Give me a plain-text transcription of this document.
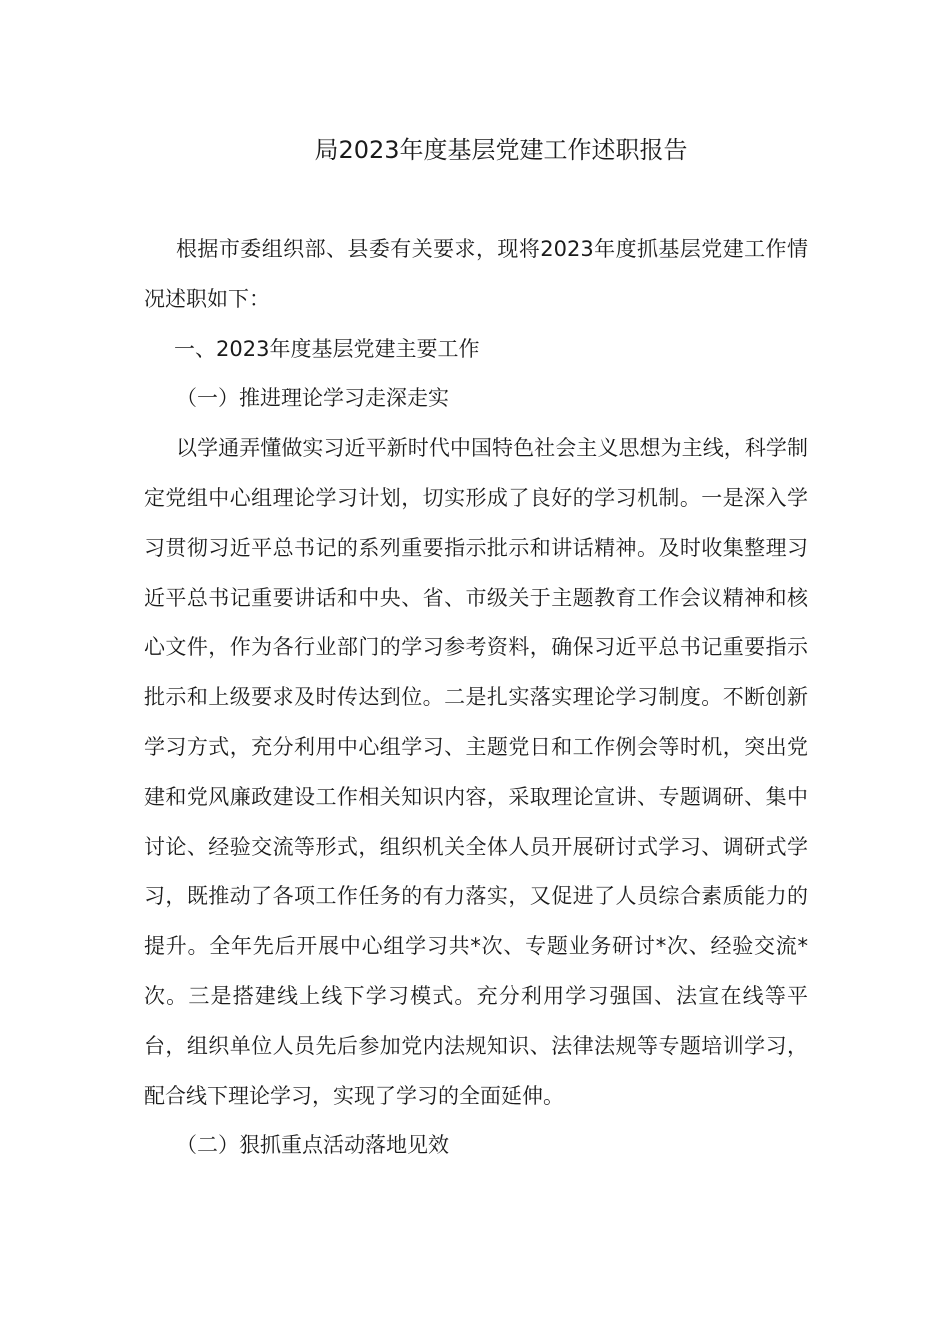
局2023年度基层党建工作述职报告

根据市委组织部、县委有关要求，现将2023年度抓基层党建工作情况述职如下：

一、2023年度基层党建主要工作

（一）推进理论学习走深走实

以学通弄懂做实习近平新时代中国特色社会主义思想为主线，科学制定党组中心组理论学习计划，切实形成了良好的学习机制。一是深入学习贯彻习近平总书记的系列重要指示批示和讲话精神。及时收集整理习近平总书记重要讲话和中央、省、市级关于主题教育工作会议精神和核心文件，作为各行业部门的学习参考资料，确保习近平总书记重要指示批示和上级要求及时传达到位。二是扎实落实理论学习制度。不断创新学习方式，充分利用中心组学习、主题党日和工作例会等时机，突出党建和党风廉政建设工作相关知识内容，采取理论宣讲、专题调研、集中讨论、经验交流等形式，组织机关全体人员开展研讨式学习、调研式学习，既推动了各项工作任务的有力落实，又促进了人员综合素质能力的提升。全年先后开展中心组学习共*次、专题业务研讨*次、经验交流*次。三是搭建线上线下学习模式。充分利用学习强国、法宣在线等平台，组织单位人员先后参加党内法规知识、法律法规等专题培训学习，配合线下理论学习，实现了学习的全面延伸。

（二）狠抓重点活动落地见效
